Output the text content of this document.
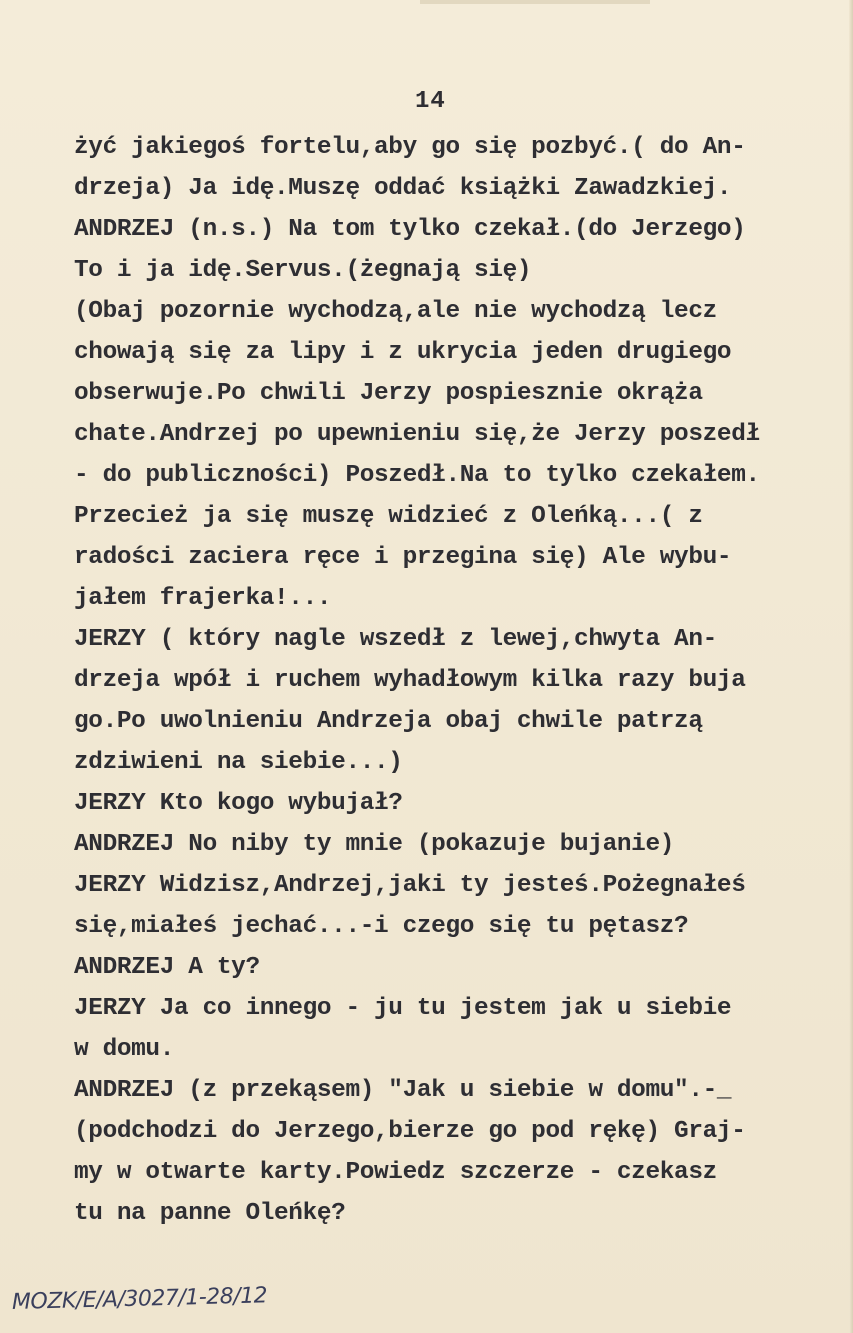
14
żyć jakiegoś fortelu,aby go się pozbyć.( do An-
drzeja) Ja idę.Muszę oddać książki Zawadzkiej.
ANDRZEJ (n.s.) Na tom tylko czekał.(do Jerzego)
To i ja idę.Servus.(żegnają się)
(Obaj pozornie wychodzą,ale nie wychodzą lecz
chowają się za lipy i z ukrycia jeden drugiego
obserwuje.Po chwili Jerzy pospiesznie okrąża
chate.Andrzej po upewnieniu się,że Jerzy poszedł
- do publiczności) Poszedł.Na to tylko czekałem.
Przecież ja się muszę widzieć z Oleńką...( z
radości zaciera ręce i przegina się) Ale wybu-
jałem frajerka!...
JERZY ( który nagle wszedł z lewej,chwyta An-
drzeja wpół i ruchem wyhadłowym kilka razy buja
go.Po uwolnieniu Andrzeja obaj chwile patrzą
zdziwieni na siebie...)
JERZY Kto kogo wybujał?
ANDRZEJ No niby ty mnie (pokazuje bujanie)
JERZY Widzisz,Andrzej,jaki ty jesteś.Pożegnałeś
się,miałeś jechać...-i czego się tu pętasz?
ANDRZEJ A ty?
JERZY Ja co innego - ju tu jestem jak u siebie
w domu.
ANDRZEJ (z przekąsem) "Jak u siebie w domu".-_
(podchodzi do Jerzego,bierze go pod rękę) Graj-
my w otwarte karty.Powiedz szczerze - czekasz
tu na panne Oleńkę?
MOZK/E/A/3027/1-28/12
